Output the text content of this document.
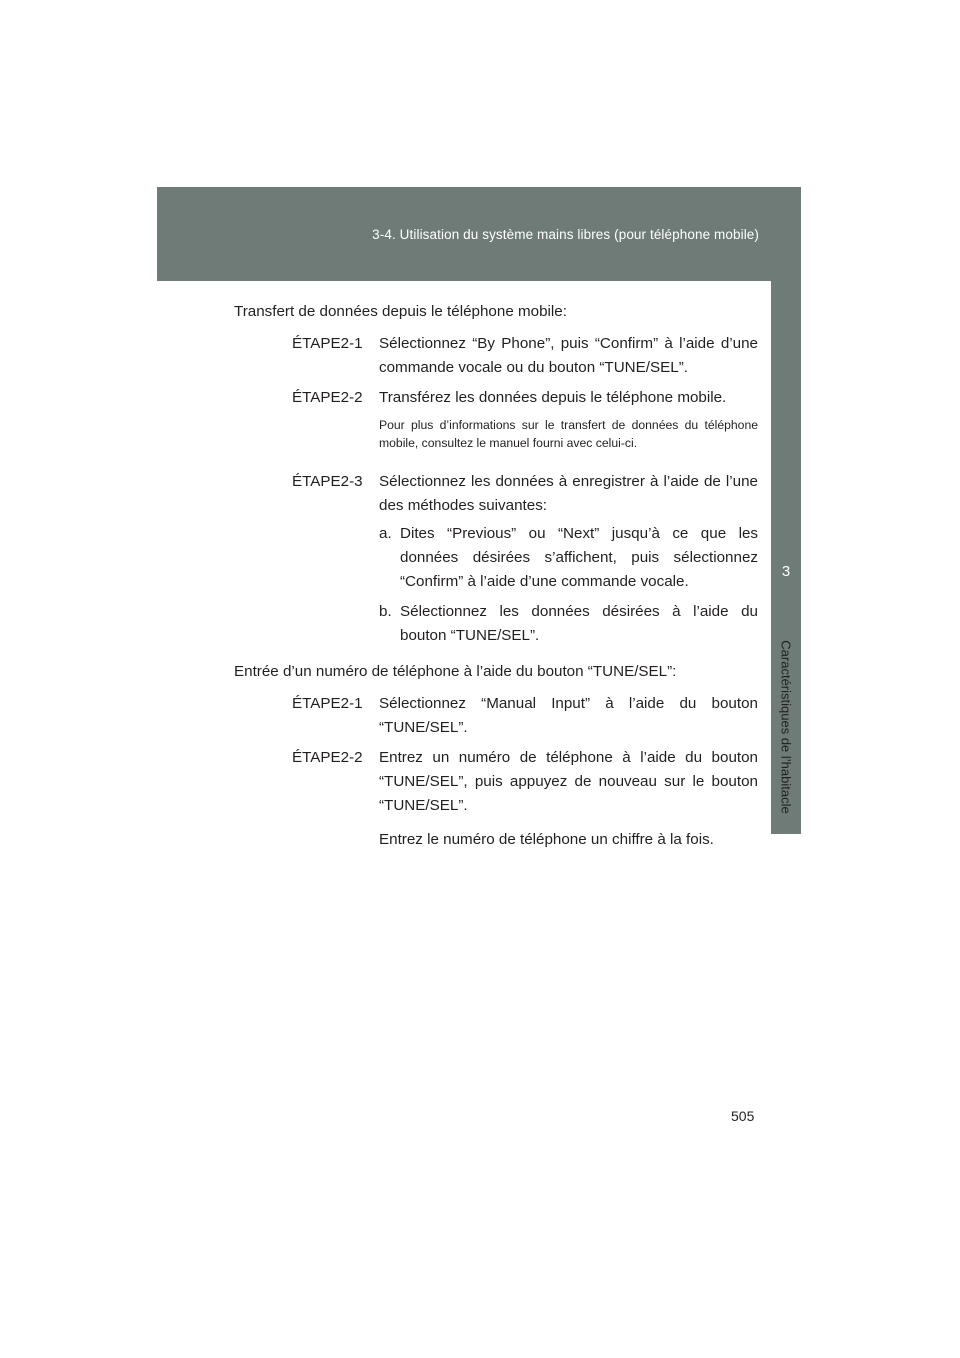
3-4. Utilisation du système mains libres (pour téléphone mobile)
3
Caractéristiques de l’habitacle
Transfert de données depuis le téléphone mobile:
ÉTAPE2-1	Sélectionnez “By Phone”, puis “Confirm” à l’aide d’une commande vocale ou du bouton “TUNE/SEL”.
ÉTAPE2-2	Transférez les données depuis le téléphone mobile.
Pour plus d’informations sur le transfert de données du téléphone mobile, consultez le manuel fourni avec celui-ci.
ÉTAPE2-3	Sélectionnez les données à enregistrer à l’aide de l’une des méthodes suivantes:
a. Dites “Previous” ou “Next” jusqu’à ce que les données désirées s’affichent, puis sélectionnez “Confirm” à l’aide d’une commande vocale.
b. Sélectionnez les données désirées à l’aide du bouton “TUNE/SEL”.
Entrée d’un numéro de téléphone à l’aide du bouton “TUNE/SEL”:
ÉTAPE2-1	Sélectionnez “Manual Input” à l’aide du bouton “TUNE/SEL”.
ÉTAPE2-2	Entrez un numéro de téléphone à l’aide du bouton “TUNE/SEL”, puis appuyez de nouveau sur le bouton “TUNE/SEL”.
Entrez le numéro de téléphone un chiffre à la fois.
505
